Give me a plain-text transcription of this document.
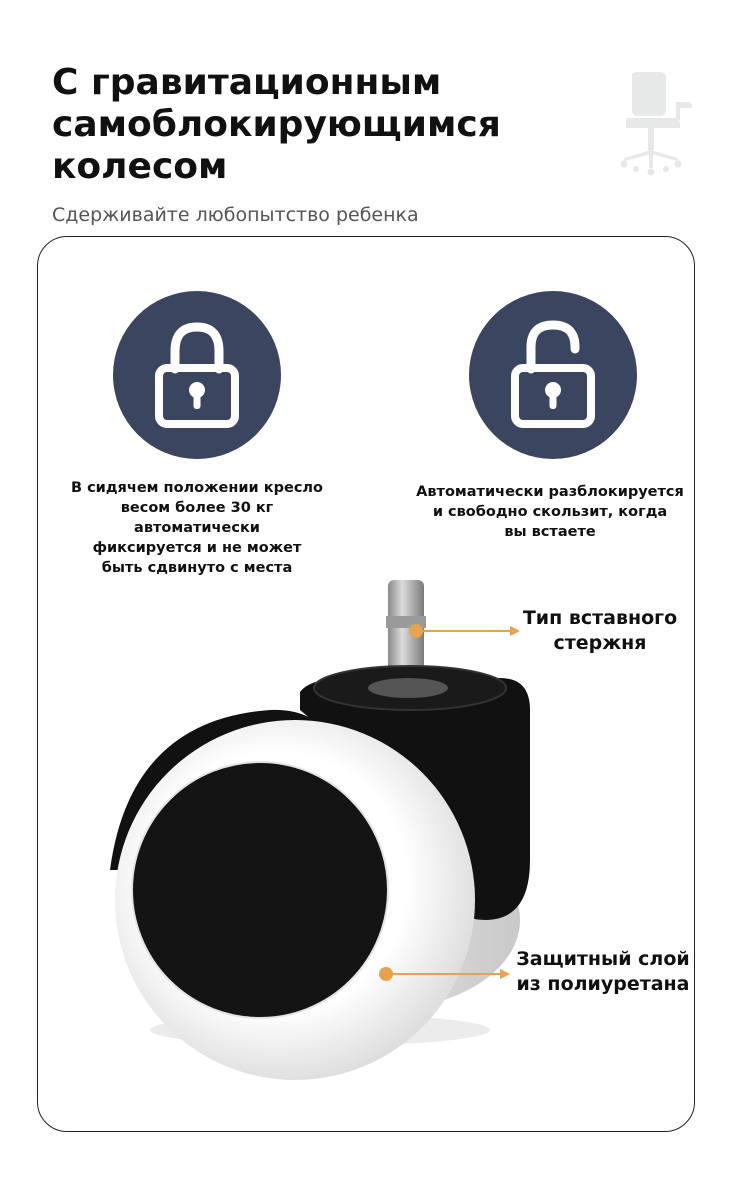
С гравитационным
самоблокирующимся
колесом

Сдерживайте любопытство ребенка

В сидячем положении кресло
весом более 30 кг автоматически
фиксируется и не может
быть сдвинуто с места
Автоматически разблокируется
и свободно скользит, когда
вы встаете
Тип вставного
стержня
Защитный слой
из полиуретана
